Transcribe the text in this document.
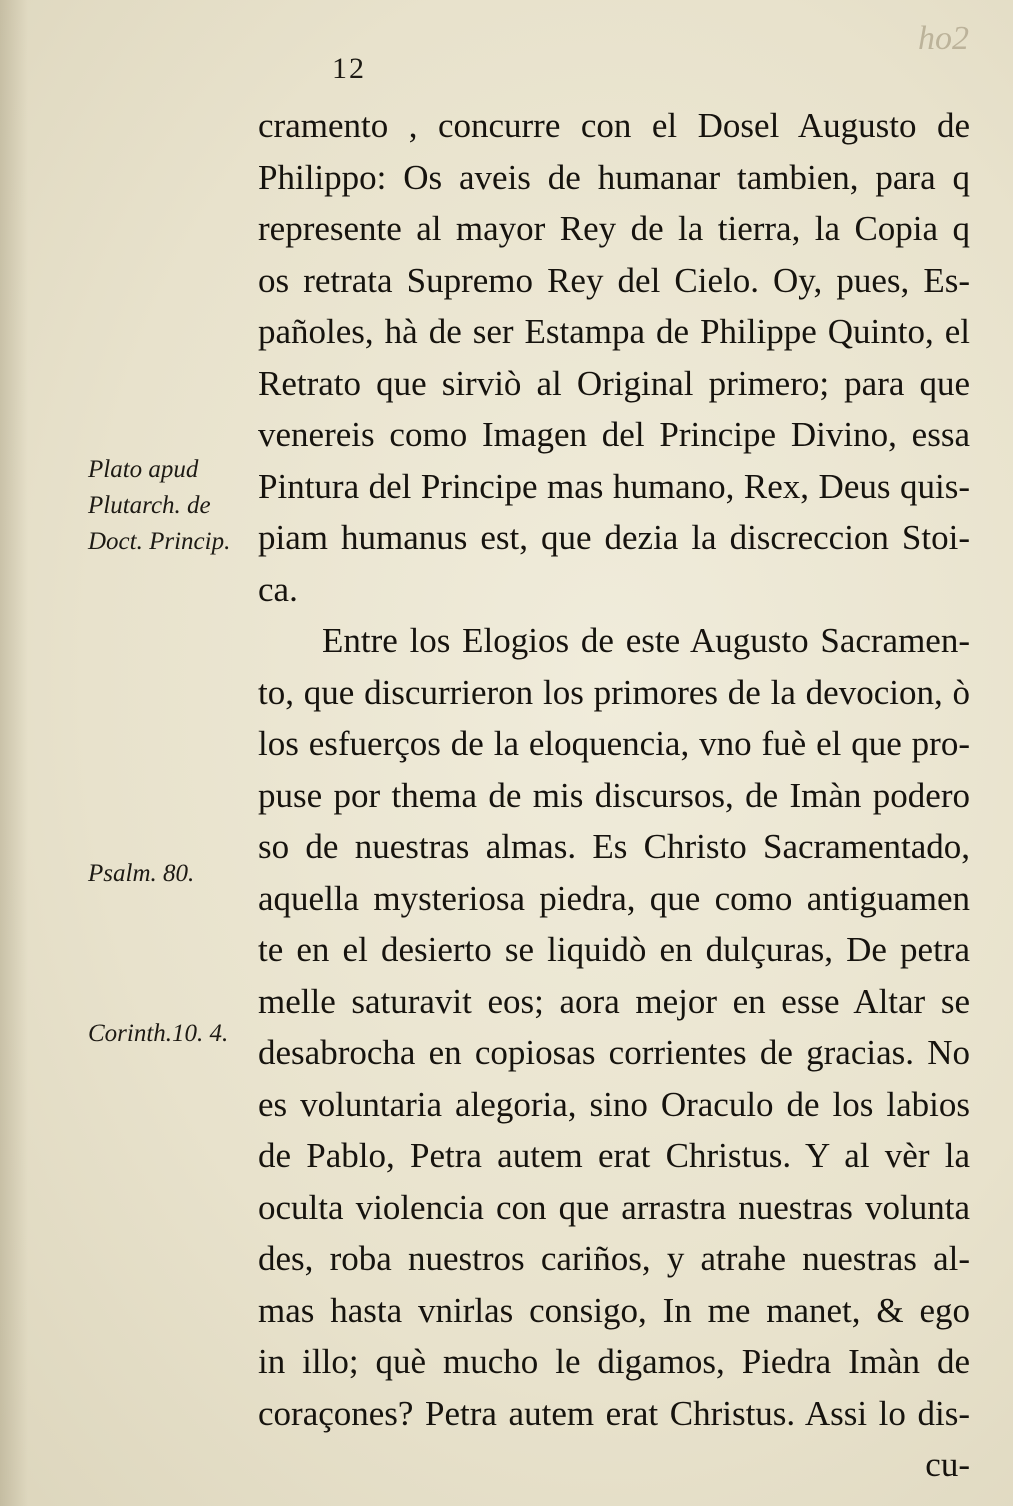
ho2
12
Plato apud Plutarch. de Doct. Princip.
Psalm. 80.
Corinth.10. 4.
cramento , concurre con el Dosel Augusto de
Philippo: Os aveis de humanar tambien, para q
represente al mayor Rey de la tierra, la Copia q
os retrata Supremo Rey del Cielo. Oy, pues, Es-
pañoles, hà de ser Estampa de Philippe Quinto, el
Retrato que sirviò al Original primero; para que
venereis como Imagen del Principe Divino, essa
Pintura del Principe mas humano, Rex, Deus quis-
piam humanus est, que dezia la discreccion Stoi-
ca.
Entre los Elogios de este Augusto Sacramen-
to, que discurrieron los primores de la devocion, ò
los esfuerços de la eloquencia, vno fuè el que pro-
puse por thema de mis discursos, de Imàn podero
so de nuestras almas. Es Christo Sacramentado,
aquella mysteriosa piedra, que como antiguamen
te en el desierto se liquidò en dulçuras, De petra
melle saturavit eos; aora mejor en esse Altar se
desabrocha en copiosas corrientes de gracias. No
es voluntaria alegoria, sino Oraculo de los labios
de Pablo, Petra autem erat Christus. Y al vèr la
oculta violencia con que arrastra nuestras volunta
des, roba nuestros cariños, y atrahe nuestras al-
mas hasta vnirlas consigo, In me manet, & ego
in illo; què mucho le digamos, Piedra Imàn de
coraçones? Petra autem erat Christus. Assi lo dis-
cu-
